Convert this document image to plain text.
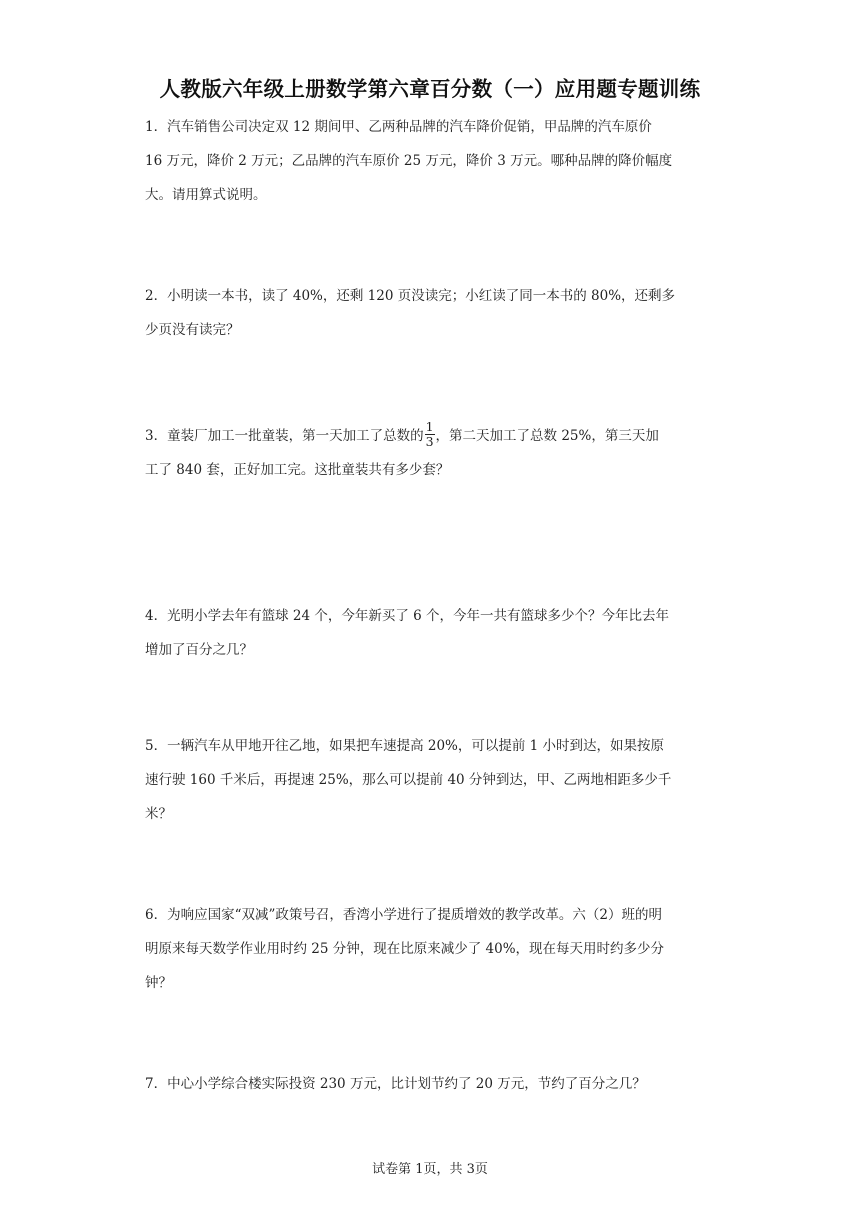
人教版六年级上册数学第六章百分数（一）应用题专题训练
1．汽车销售公司决定双 12 期间甲、乙两种品牌的汽车降价促销，甲品牌的汽车原价
16 万元，降价 2 万元；乙品牌的汽车原价 25 万元，降价 3 万元。哪种品牌的降价幅度
大。请用算式说明。
2．小明读一本书，读了 40%，还剩 120 页没读完；小红读了同一本书的 80%，还剩多
少页没有读完？
3．童装厂加工一批童装，第一天加工了总数的 $\frac{1}{3}$ ，第二天加工了总数 25%，第三天加
工了 840 套，正好加工完。这批童装共有多少套？
4．光明小学去年有篮球 24 个，今年新买了 6 个，今年一共有篮球多少个？今年比去年
增加了百分之几？
5．一辆汽车从甲地开往乙地，如果把车速提高 20%，可以提前 1 小时到达，如果按原
速行驶 160 千米后，再提速 25%，那么可以提前 40 分钟到达，甲、乙两地相距多少千
米？
6．为响应国家“双减”政策号召，香湾小学进行了提质增效的教学改革。六（2）班的明
明原来每天数学作业用时约 25 分钟，现在比原来减少了 40%，现在每天用时约多少分
钟？
7．中心小学综合楼实际投资 230 万元，比计划节约了 20 万元，节约了百分之几？
试卷第 1页，共 3页
